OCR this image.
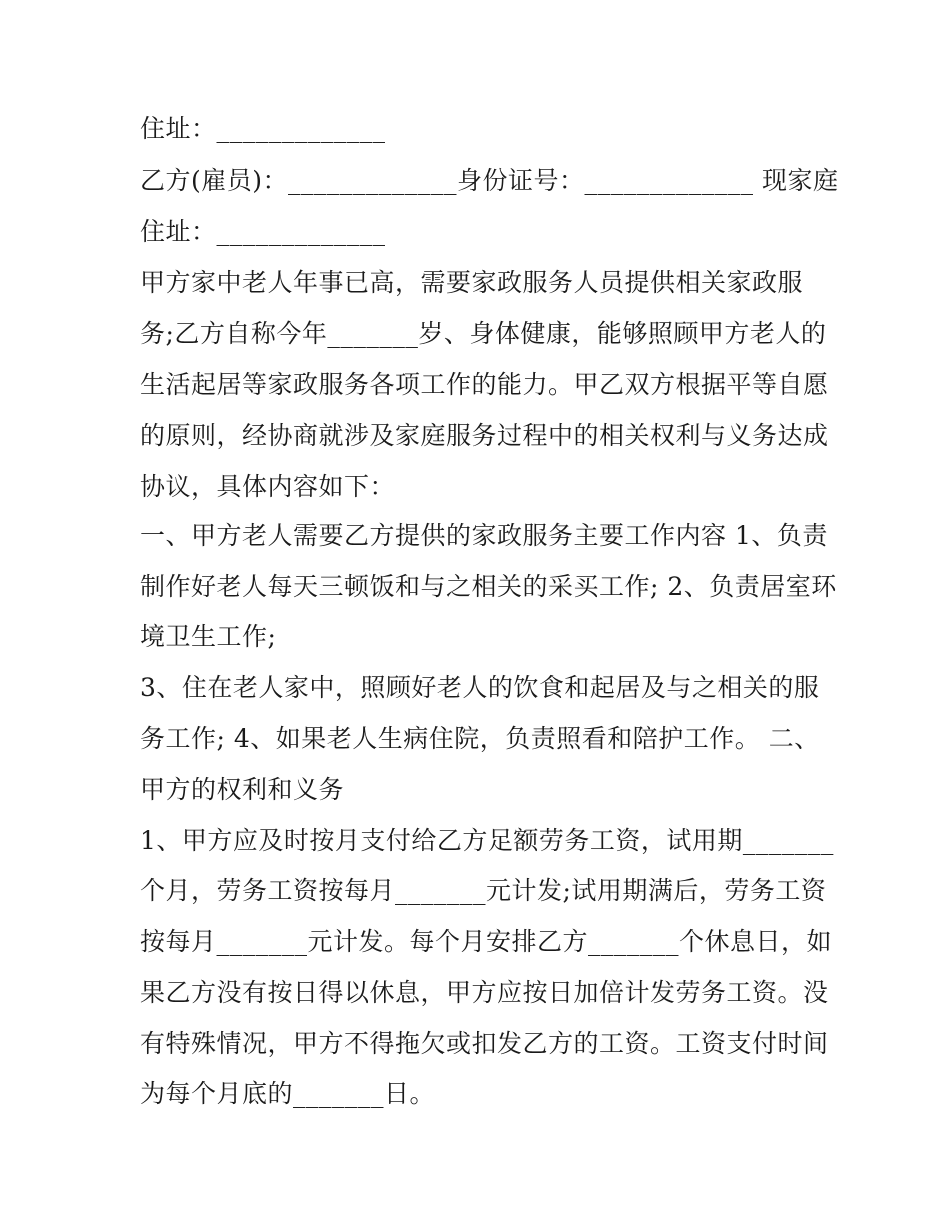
住址：_____________

乙方(雇员)：_____________身份证号：_____________ 现家庭

住址：_____________

甲方家中老人年事已高，需要家政服务人员提供相关家政服

务;乙方自称今年_______岁、身体健康，能够照顾甲方老人的

生活起居等家政服务各项工作的能力。甲乙双方根据平等自愿

的原则，经协商就涉及家庭服务过程中的相关权利与义务达成

协议，具体内容如下：

一、甲方老人需要乙方提供的家政服务主要工作内容 1、负责

制作好老人每天三顿饭和与之相关的采买工作; 2、负责居室环

境卫生工作;

3、住在老人家中，照顾好老人的饮食和起居及与之相关的服

务工作; 4、如果老人生病住院，负责照看和陪护工作。 二、

甲方的权利和义务

1、甲方应及时按月支付给乙方足额劳务工资，试用期_______

个月，劳务工资按每月_______元计发;试用期满后，劳务工资

按每月_______元计发。每个月安排乙方_______个休息日，如

果乙方没有按日得以休息，甲方应按日加倍计发劳务工资。没

有特殊情况，甲方不得拖欠或扣发乙方的工资。工资支付时间

为每个月底的_______日。
